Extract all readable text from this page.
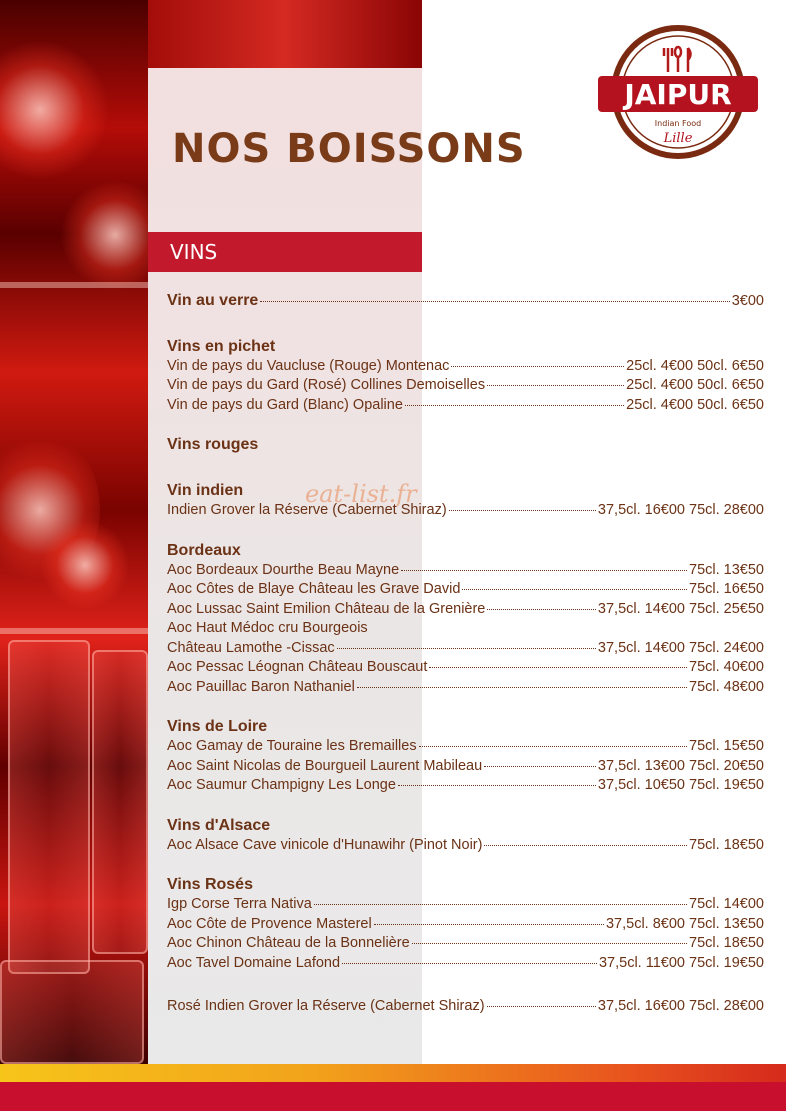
JAIPUR
Indian Food
Lille
NOS BOISSONS
VINS
eat-list.fr
Vin au verre	3€00
Vins en pichet
Vin de pays du Vaucluse (Rouge) Montenac	25cl. 4€00 50cl. 6€50
Vin de pays du Gard (Rosé) Collines Demoiselles	25cl. 4€00 50cl. 6€50
Vin de pays du Gard (Blanc) Opaline	25cl. 4€00 50cl. 6€50
Vins rouges
Vin indien
Indien Grover la Réserve (Cabernet Shiraz)	37,5cl. 16€00 75cl. 28€00
Bordeaux
Aoc Bordeaux Dourthe Beau Mayne	75cl. 13€50
Aoc Côtes de Blaye Château les Grave David	75cl. 16€50
Aoc Lussac Saint Emilion Château de la Grenière	37,5cl. 14€00 75cl. 25€50
Aoc Haut Médoc cru Bourgeois
Château Lamothe -Cissac	37,5cl. 14€00 75cl. 24€00
Aoc Pessac Léognan Château Bouscaut	75cl. 40€00
Aoc Pauillac Baron Nathaniel	75cl. 48€00
Vins de Loire
Aoc Gamay de Touraine les Bremailles	75cl. 15€50
Aoc Saint Nicolas de Bourgueil Laurent Mabileau	37,5cl. 13€00 75cl. 20€50
Aoc Saumur Champigny Les Longe	37,5cl. 10€50 75cl. 19€50
Vins d'Alsace
Aoc Alsace Cave vinicole d'Hunawihr (Pinot Noir)	75cl. 18€50
Vins Rosés
Igp Corse Terra Nativa	75cl. 14€00
Aoc Côte de Provence Masterel	37,5cl. 8€00 75cl. 13€50
Aoc Chinon Château de la Bonnelière	75cl. 18€50
Aoc Tavel Domaine Lafond	37,5cl. 11€00 75cl. 19€50
Rosé Indien Grover la Réserve (Cabernet Shiraz)	37,5cl. 16€00 75cl. 28€00
